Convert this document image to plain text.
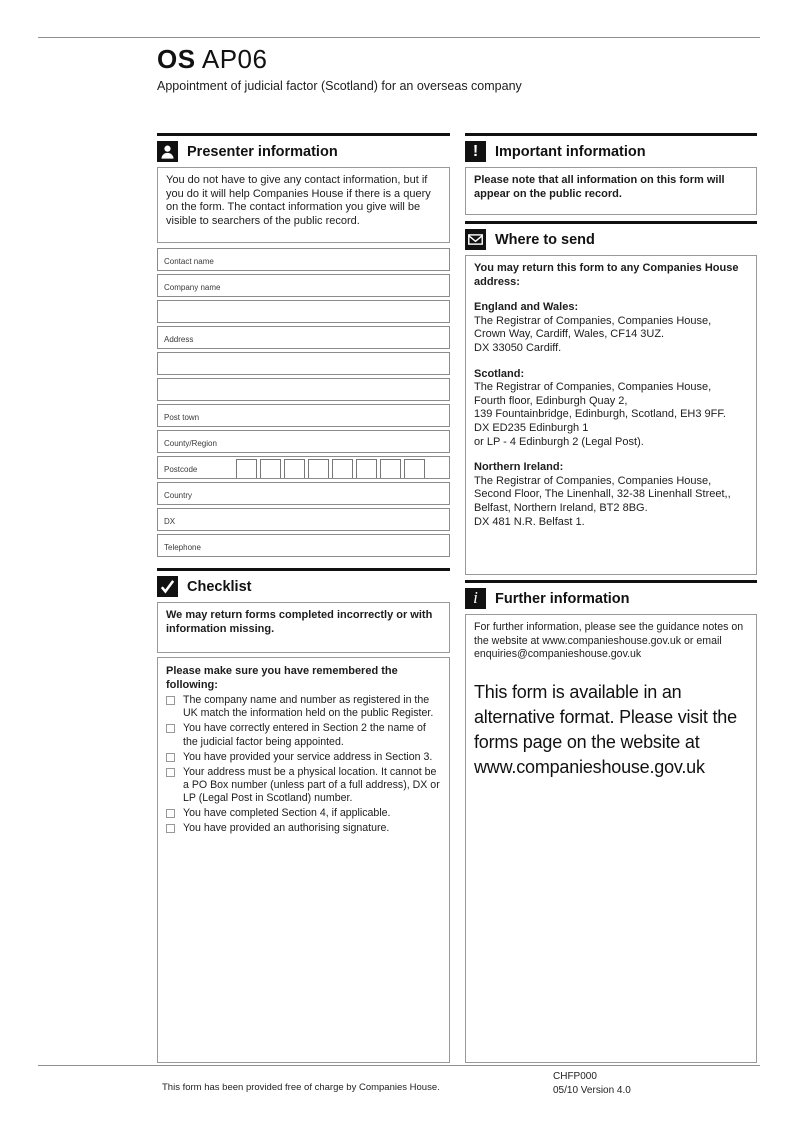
OS AP06
Appointment of judicial factor (Scotland) for an overseas company
Presenter information
You do not have to give any contact information, but if you do it will help Companies House if there is a query on the form. The contact information you give will be visible to searchers of the public record.
Contact name
Company name
Address
Post town
County/Region
Postcode
Country
DX
Telephone
Checklist
We may return forms completed incorrectly or with information missing.
Please make sure you have remembered the following:
The company name and number as registered in the UK match the information held on the public Register.
You have correctly entered in Section 2 the name of the judicial factor being appointed.
You have provided your service address in Section 3.
Your address must be a physical location. It cannot be a PO Box number (unless part of a full address), DX or LP (Legal Post in Scotland) number.
You have completed Section 4, if applicable.
You have provided an authorising signature.
!	Important information
Please note that all information on this form will appear on the public record.
Where to send
You may return this form to any Companies House address:
England and Wales:
The Registrar of Companies, Companies House,
Crown Way, Cardiff, Wales, CF14 3UZ.
DX 33050 Cardiff.
Scotland:
The Registrar of Companies, Companies House,
Fourth floor, Edinburgh Quay 2,
139 Fountainbridge, Edinburgh, Scotland, EH3 9FF.
DX ED235 Edinburgh 1
or LP - 4 Edinburgh 2 (Legal Post).
Northern Ireland:
The Registrar of Companies, Companies House,
Second Floor, The Linenhall, 32-38 Linenhall Street,,
Belfast, Northern Ireland, BT2 8BG.
DX 481 N.R. Belfast 1.
i	Further information
For further information, please see the guidance notes on the website at www.companieshouse.gov.uk or email enquiries@companieshouse.gov.uk
This form is available in an alternative format. Please visit the forms page on the website at www.companieshouse.gov.uk
This form has been provided free of charge by Companies House.
CHFP000
05/10 Version 4.0
